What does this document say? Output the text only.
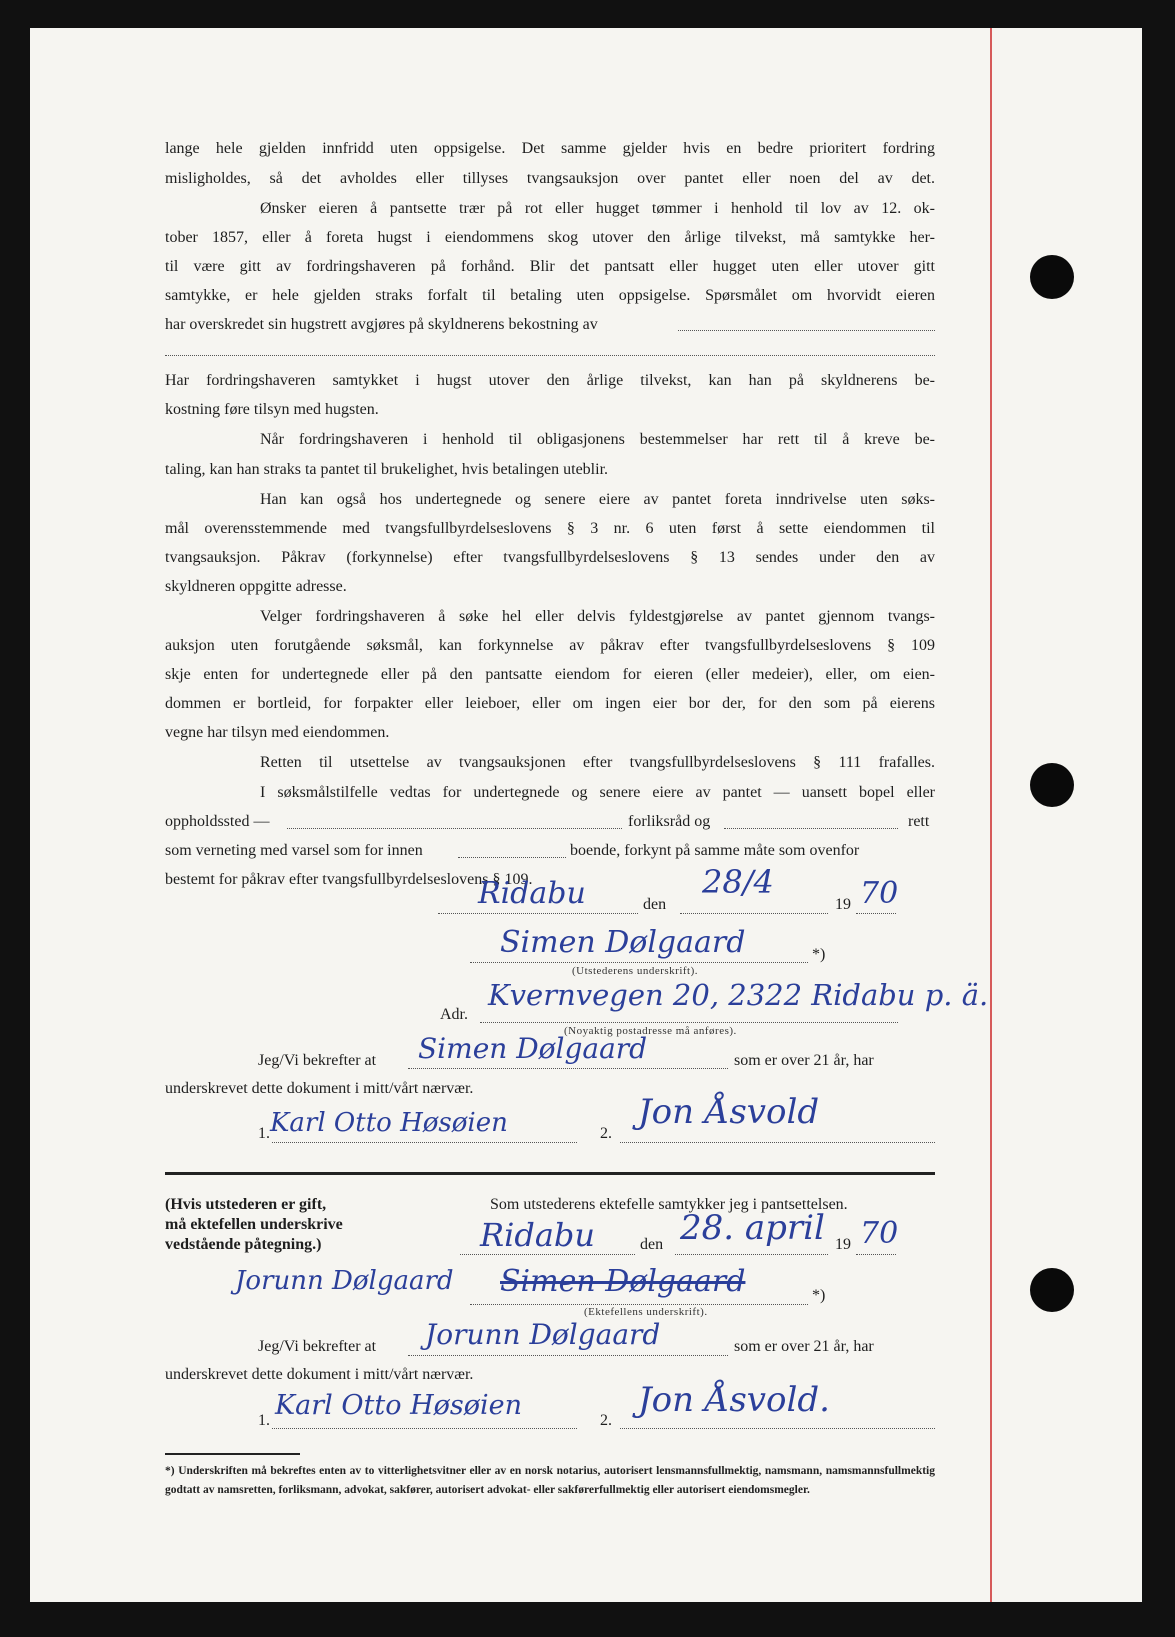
lange hele gjelden innfridd uten oppsigelse. Det samme gjelder hvis en bedre prioritert fordring
misligholdes, så det avholdes eller tillyses tvangsauksjon over pantet eller noen del av det.
Ønsker eieren å pantsette trær på rot eller hugget tømmer i henhold til lov av 12. ok-
tober 1857, eller å foreta hugst i eiendommens skog utover den årlige tilvekst, må samtykke her-
til være gitt av fordringshaveren på forhånd. Blir det pantsatt eller hugget uten eller utover gitt
samtykke, er hele gjelden straks forfalt til betaling uten oppsigelse. Spørsmålet om hvorvidt eieren
har overskredet sin hugstrett avgjøres på skyldnerens bekostning av
Har fordringshaveren samtykket i hugst utover den årlige tilvekst, kan han på skyldnerens be-
kostning føre tilsyn med hugsten.
Når fordringshaveren i henhold til obligasjonens bestemmelser har rett til å kreve be-
taling, kan han straks ta pantet til brukelighet, hvis betalingen uteblir.
Han kan også hos undertegnede og senere eiere av pantet foreta inndrivelse uten søks-
mål overensstemmende med tvangsfullbyrdelseslovens § 3 nr. 6 uten først å sette eiendommen til
tvangsauksjon. Påkrav (forkynnelse) efter tvangsfullbyrdelseslovens § 13 sendes under den av
skyldneren oppgitte adresse.
Velger fordringshaveren å søke hel eller delvis fyldestgjørelse av pantet gjennom tvangs-
auksjon uten forutgående søksmål, kan forkynnelse av påkrav efter tvangsfullbyrdelseslovens § 109
skje enten for undertegnede eller på den pantsatte eiendom for eieren (eller medeier), eller, om eien-
dommen er bortleid, for forpakter eller leieboer, eller om ingen eier bor der, for den som på eierens
vegne har tilsyn med eiendommen.
Retten til utsettelse av tvangsauksjonen efter tvangsfullbyrdelseslovens § 111 frafalles.
I søksmålstilfelle vedtas for undertegnede og senere eiere av pantet — uansett bopel eller
oppholdssted —	forliksråd og	rett
som verneting med varsel som for innen	boende, forkynt på samme måte som ovenfor
bestemt for påkrav efter tvangsfullbyrdelseslovens § 109.
Ridabu	den
28/4
19 70
Simen Dølgaard	*)
(Utstederens underskrift).
Adr.
Kvernvegen 20, 2322 Ridabu p. ä.
(Noyaktig postadresse må anføres).
Jeg/Vi bekrefter at Simen Dølgaard	som er over 21 år, har
underskrevet dette dokument i mitt/vårt nærvær.
1. Karl Otto Høsøien	2.
Jon Åsvold
(Hvis utstederen er gift,
må ektefellen underskrive
vedstående påtegning.)
Som utstederens ektefelle samtykker jeg i pantsettelsen.
Ridabu	den 28. april 19 70
Jorunn Dølgaard Simen Dølgaard	*)
(Ektefellens underskrift).
Jeg/Vi bekrefter at Jorunn Dølgaard	som er over 21 år, har
underskrevet dette dokument i mitt/vårt nærvær.
1. Karl Otto Høsøien	2.
Jon Åsvold.
*) Underskriften må bekreftes enten av to vitterlighetsvitner eller av en norsk notarius, autorisert lensmannsfullmektig, namsmann, namsmannsfullmektig godtatt av namsretten, forliksmann, advokat, sakfører, autorisert advokat- eller sakførerfullmektig eller autorisert eiendomsmegler.
